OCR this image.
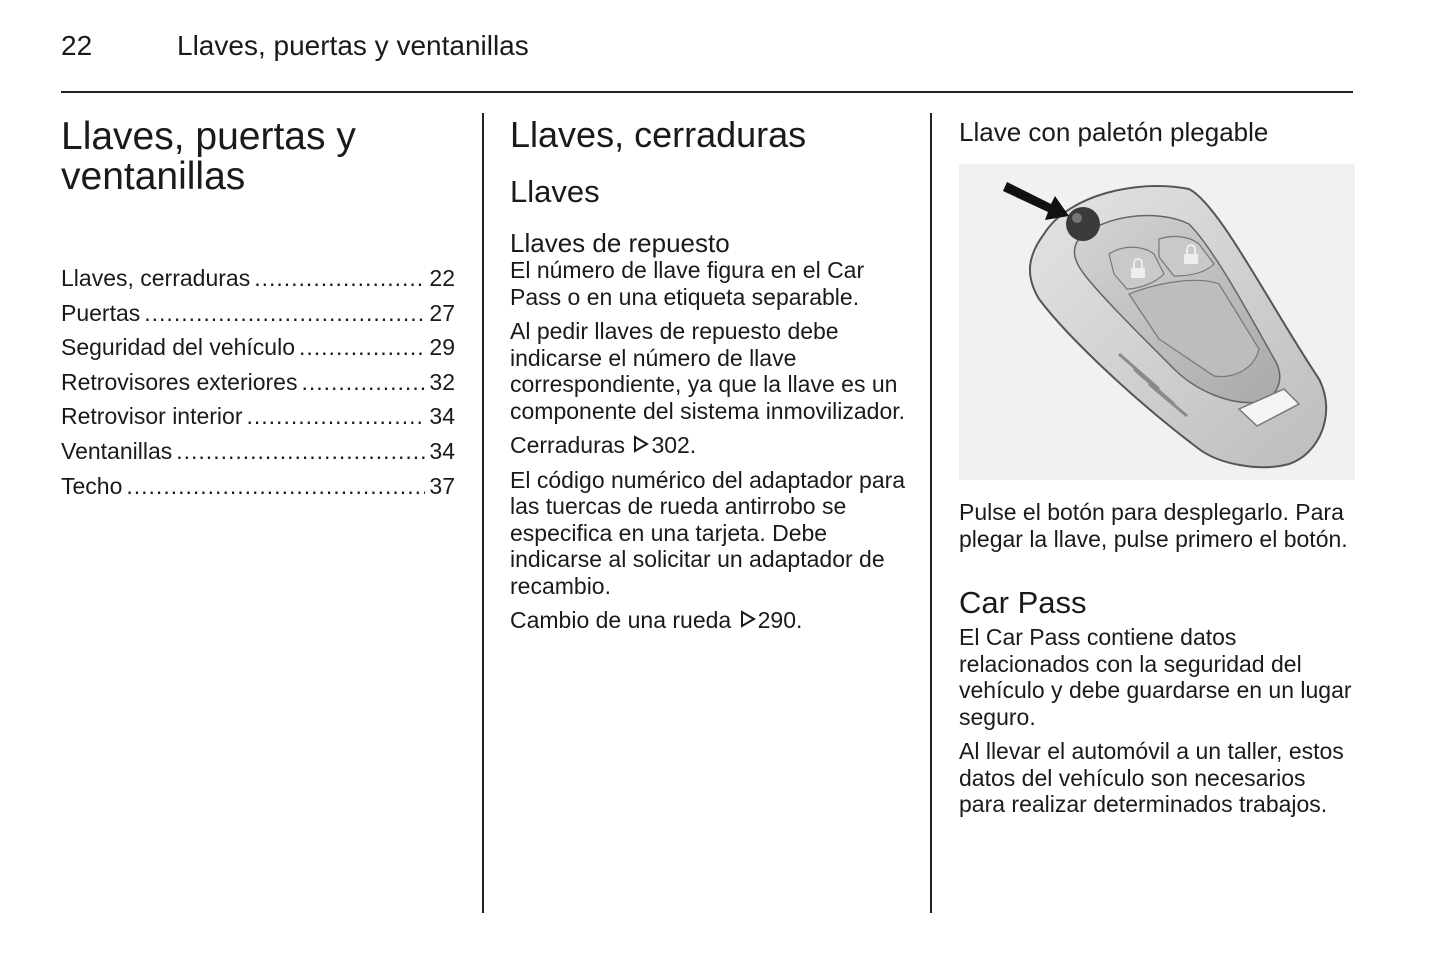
22	Llaves, puertas y ventanillas
Llaves, puertas y
ventanillas
Llaves, cerraduras .....	22
Puertas .....	27
Seguridad del vehículo .....	29
Retrovisores exteriores .....	32
Retrovisor interior .....	34
Ventanillas .....	34
Techo .....	37
Llaves, cerraduras
Llaves
Llaves de repuesto

El número de llave figura en el Car Pass o en una etiqueta separable.

Al pedir llaves de repuesto debe indicarse el número de llave correspondiente, ya que la llave es un componente del sistema inmovilizador.

Cerraduras 302.

El código numérico del adaptador para las tuercas de rueda antirrobo se especifica en una tarjeta. Debe indicarse al solicitar un adaptador de recambio.

Cambio de una rueda 290.

Llave con paletón plegable

Pulse el botón para desplegarlo. Para plegar la llave, pulse primero el botón.

Car Pass

El Car Pass contiene datos relacionados con la seguridad del vehículo y debe guardarse en un lugar seguro.

Al llevar el automóvil a un taller, estos datos del vehículo son necesarios para realizar determinados trabajos.
